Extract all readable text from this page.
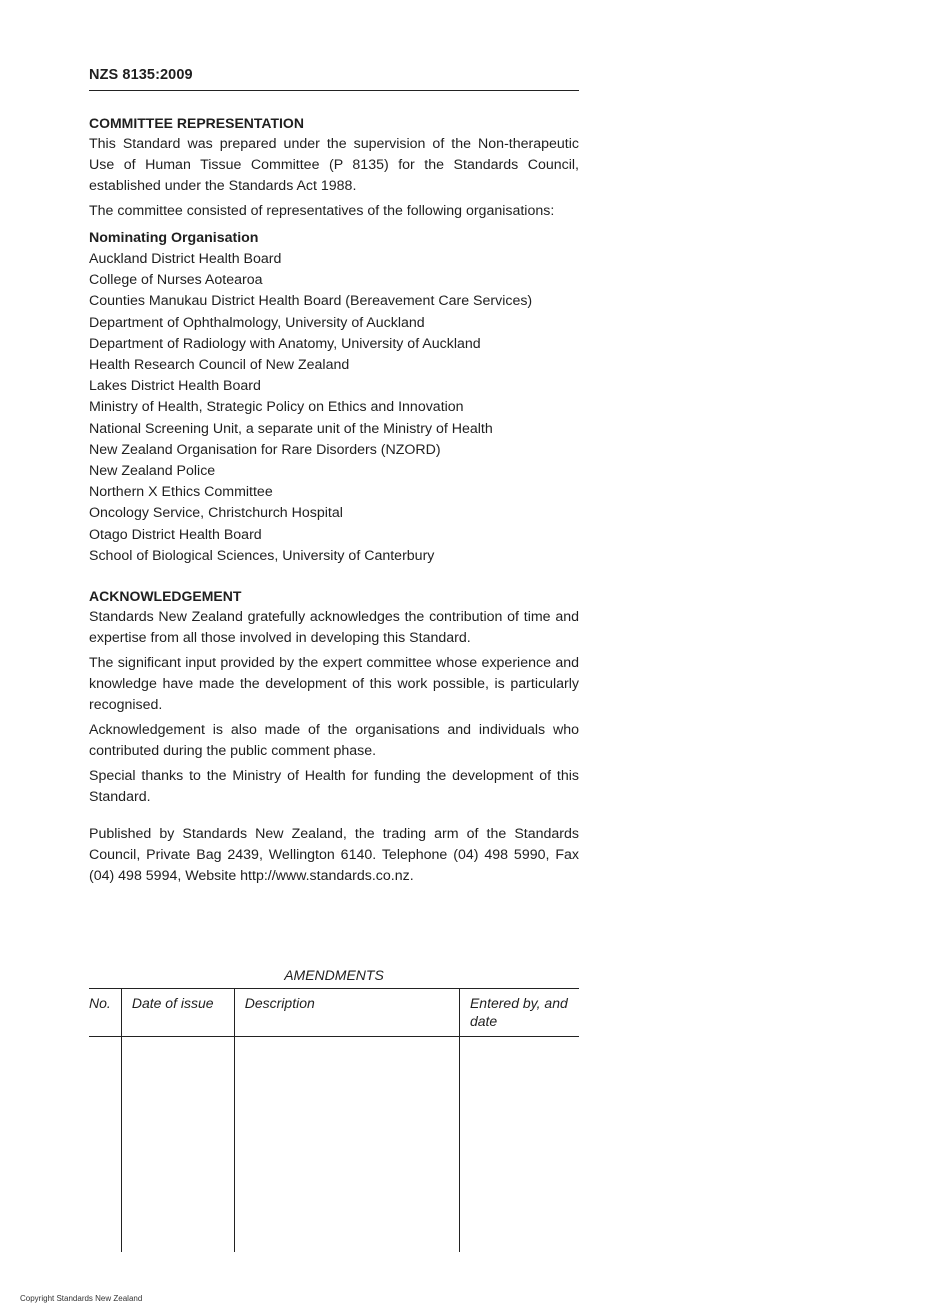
NZS 8135:2009
COMMITTEE REPRESENTATION

This Standard was prepared under the supervision of the Non-therapeutic Use of Human Tissue Committee (P 8135) for the Standards Council, established under the Standards Act 1988.

The committee consisted of representatives of the following organisations:

Nominating Organisation
Auckland District Health Board
College of Nurses Aotearoa
Counties Manukau District Health Board (Bereavement Care Services)
Department of Ophthalmology, University of Auckland
Department of Radiology with Anatomy, University of Auckland
Health Research Council of New Zealand
Lakes District Health Board
Ministry of Health, Strategic Policy on Ethics and Innovation
National Screening Unit, a separate unit of the Ministry of Health
New Zealand Organisation for Rare Disorders (NZORD)
New Zealand Police
Northern X Ethics Committee
Oncology Service, Christchurch Hospital
Otago District Health Board
School of Biological Sciences, University of Canterbury
ACKNOWLEDGEMENT

Standards New Zealand gratefully acknowledges the contribution of time and expertise from all those involved in developing this Standard.

The significant input provided by the expert committee whose experience and knowledge have made the development of this work possible, is particularly recognised.

Acknowledgement is also made of the organisations and individuals who contributed during the public comment phase.

Special thanks to the Ministry of Health for funding the development of this Standard.

Published by Standards New Zealand, the trading arm of the Standards Council, Private Bag 2439, Wellington 6140. Telephone (04) 498 5990, Fax (04) 498 5994, Website http://www.standards.co.nz.

AMENDMENTS
No.	Date of issue	Description	Entered by, and date

Copyright Standards New Zealand
